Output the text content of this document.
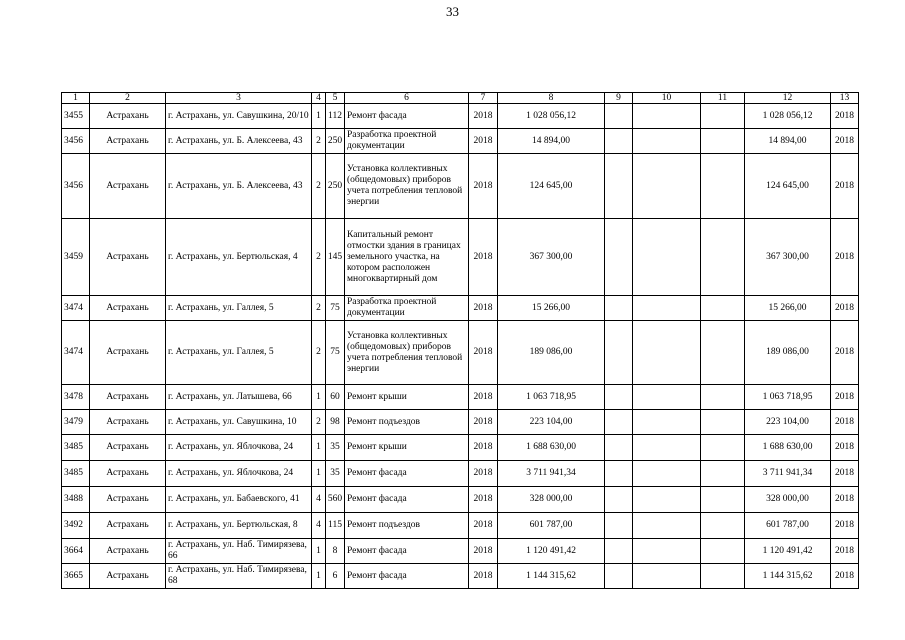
33
1	2	3	4	5	6	7	8	9	10	11	12	13
3455	Астрахань	г. Астрахань, ул. Савушкина, 20/10	1	112	Ремонт фасада	2018	1 028 056,12				1 028 056,12	2018
3456	Астрахань	г. Астрахань, ул. Б. Алексеева, 43	2	250	Разработка проектной документации	2018	14 894,00				14 894,00	2018
3456	Астрахань	г. Астрахань, ул. Б. Алексеева, 43	2	250	Установка коллективных (общедомовых) приборов учета потребления тепловой энергии	2018	124 645,00				124 645,00	2018
3459	Астрахань	г. Астрахань, ул. Бертюльская, 4	2	145	Капитальный ремонт отмостки здания в границах земельного участка, на котором расположен многоквартирный дом	2018	367 300,00				367 300,00	2018
3474	Астрахань	г. Астрахань, ул. Галлея, 5	2	75	Разработка проектной документации	2018	15 266,00				15 266,00	2018
3474	Астрахань	г. Астрахань, ул. Галлея, 5	2	75	Установка коллективных (общедомовых) приборов учета потребления тепловой энергии	2018	189 086,00				189 086,00	2018
3478	Астрахань	г. Астрахань, ул. Латышева, 66	1	60	Ремонт крыши	2018	1 063 718,95				1 063 718,95	2018
3479	Астрахань	г. Астрахань, ул. Савушкина, 10	2	98	Ремонт подъездов	2018	223 104,00				223 104,00	2018
3485	Астрахань	г. Астрахань, ул. Яблочкова, 24	1	35	Ремонт крыши	2018	1 688 630,00				1 688 630,00	2018
3485	Астрахань	г. Астрахань, ул. Яблочкова, 24	1	35	Ремонт фасада	2018	3 711 941,34				3 711 941,34	2018
3488	Астрахань	г. Астрахань, ул. Бабаевского, 41	4	560	Ремонт фасада	2018	328 000,00				328 000,00	2018
3492	Астрахань	г. Астрахань, ул. Бертюльская, 8	4	115	Ремонт подъездов	2018	601 787,00				601 787,00	2018
3664	Астрахань	г. Астрахань, ул. Наб. Тимирязева, 66	1	8	Ремонт фасада	2018	1 120 491,42				1 120 491,42	2018
3665	Астрахань	г. Астрахань, ул. Наб. Тимирязева, 68	1	6	Ремонт фасада	2018	1 144 315,62				1 144 315,62	2018
